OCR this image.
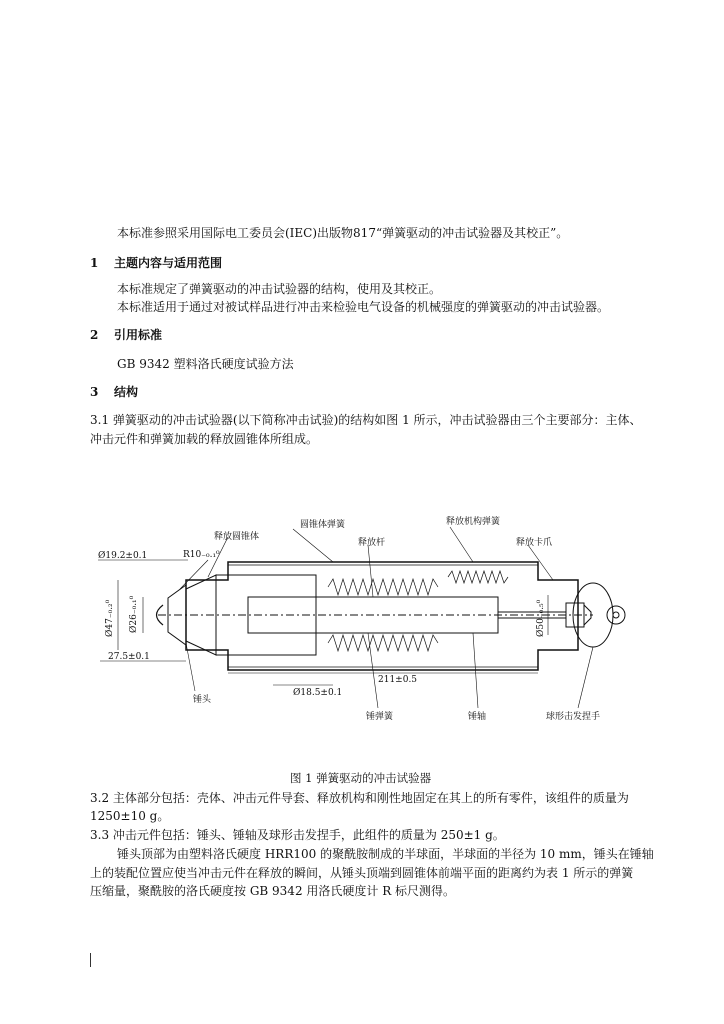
本标准参照采用国际电工委员会(IEC)出版物817“弹簧驱动的冲击试验器及其校正”。
1 主题内容与适用范围
本标准规定了弹簧驱动的冲击试验器的结构，使用及其校正。
本标准适用于通过对被试样品进行冲击来检验电气设备的机械强度的弹簧驱动的冲击试验器。
2 引用标准
GB 9342 塑料洛氏硬度试验方法
3 结构
3.1 弹簧驱动的冲击试验器(以下简称冲击试验)的结构如图 1 所示，冲击试验器由三个主要部分：主体、
冲击元件和弹簧加载的释放圆锥体所组成。
圆锥体弹簧	释放机构弹簧
释放圆锥体
释放杆	释放卡爪
Ø19.2±0.1	R10₋₀.₁⁰
Ø47₋₀.₂⁰ Ø26₋₀.₁⁰	Ø50₋₀.₅⁰
27.5±0.1
211±0.5
Ø18.5±0.1
锤头
锤弹簧	锤轴	球形击发捏手
图 1 弹簧驱动的冲击试验器
3.2 主体部分包括：壳体、冲击元件导套、释放机构和刚性地固定在其上的所有零件，该组件的质量为
1250±10 g。
3.3 冲击元件包括：锤头、锤轴及球形击发捏手，此组件的质量为 250±1 g。
锤头顶部为由塑料洛氏硬度 HRR100 的聚酰胺制成的半球面，半球面的半径为 10 mm，锤头在锤轴
上的装配位置应使当冲击元件在释放的瞬间，从锤头顶端到圆锥体前端平面的距离约为表 1 所示的弹簧
压缩量，聚酰胺的洛氏硬度按 GB 9342 用洛氏硬度计 R 标尺测得。
